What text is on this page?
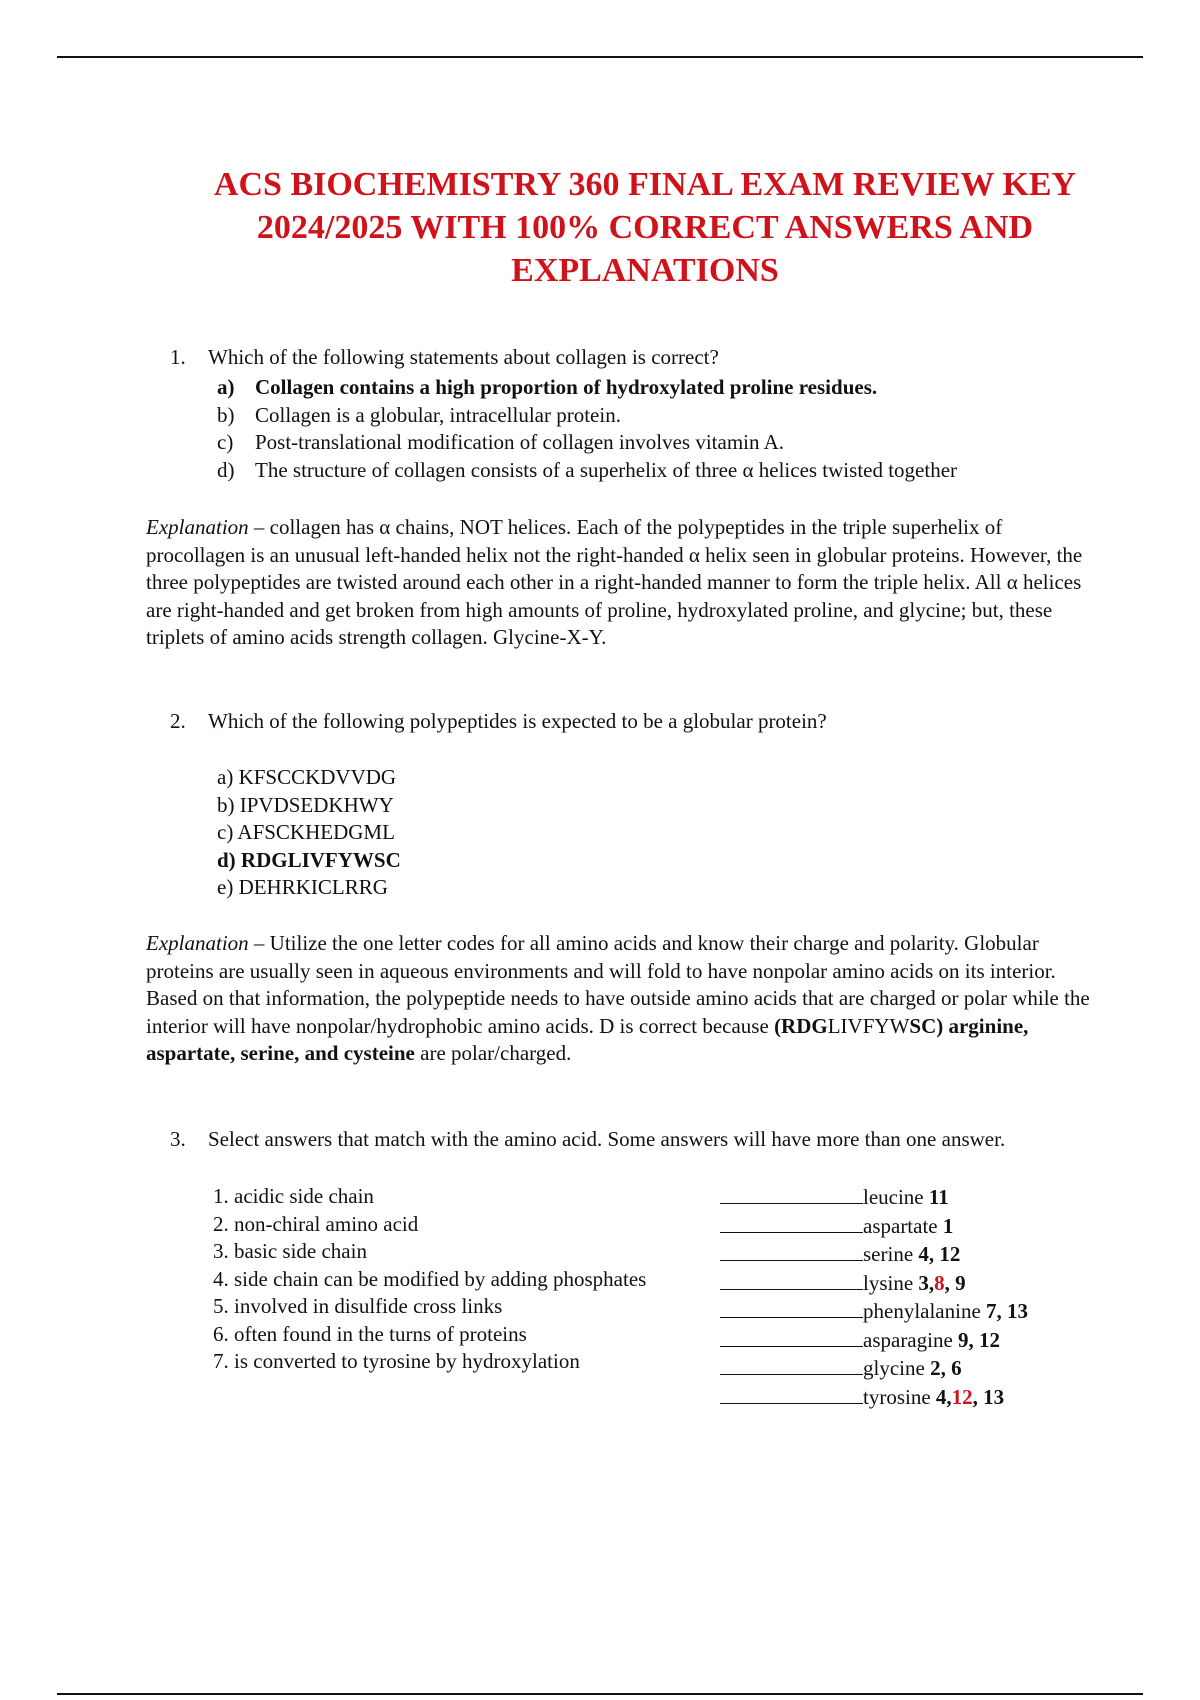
ACS BIOCHEMISTRY 360 FINAL EXAM REVIEW KEY 2024/2025 WITH 100% CORRECT ANSWERS AND EXPLANATIONS
1. Which of the following statements about collagen is correct?
a) Collagen contains a high proportion of hydroxylated proline residues.
b) Collagen is a globular, intracellular protein.
c) Post-translational modification of collagen involves vitamin A.
d) The structure of collagen consists of a superhelix of three α helices twisted together
Explanation – collagen has α chains, NOT helices. Each of the polypeptides in the triple superhelix of procollagen is an unusual left-handed helix not the right-handed α helix seen in globular proteins. However, the three polypeptides are twisted around each other in a right-handed manner to form the triple helix. All α helices are right-handed and get broken from high amounts of proline, hydroxylated proline, and glycine; but, these triplets of amino acids strength collagen. Glycine-X-Y.
2. Which of the following polypeptides is expected to be a globular protein?
a) KFSCCKDVVDG
b) IPVDSEDKHWY
c) AFSCKHEDGML
d) RDGLIVFYWSC
e) DEHRKICLRRG
Explanation – Utilize the one letter codes for all amino acids and know their charge and polarity. Globular proteins are usually seen in aqueous environments and will fold to have nonpolar amino acids on its interior. Based on that information, the polypeptide needs to have outside amino acids that are charged or polar while the interior will have nonpolar/hydrophobic amino acids. D is correct because (RDGLIVFYWSC) arginine, aspartate, serine, and cysteine are polar/charged.
3. Select answers that match with the amino acid. Some answers will have more than one answer.
1. acidic side chain
2. non-chiral amino acid
3. basic side chain
4. side chain can be modified by adding phosphates
5. involved in disulfide cross links
6. often found in the turns of proteins
7. is converted to tyrosine by hydroxylation
leucine
11
aspartate
1
serine
4, 12
lysine
3, 8 , 9
phenylalanine
7, 13
asparagine
9, 12
glycine
2, 6
tyrosine
4, 12 , 13
